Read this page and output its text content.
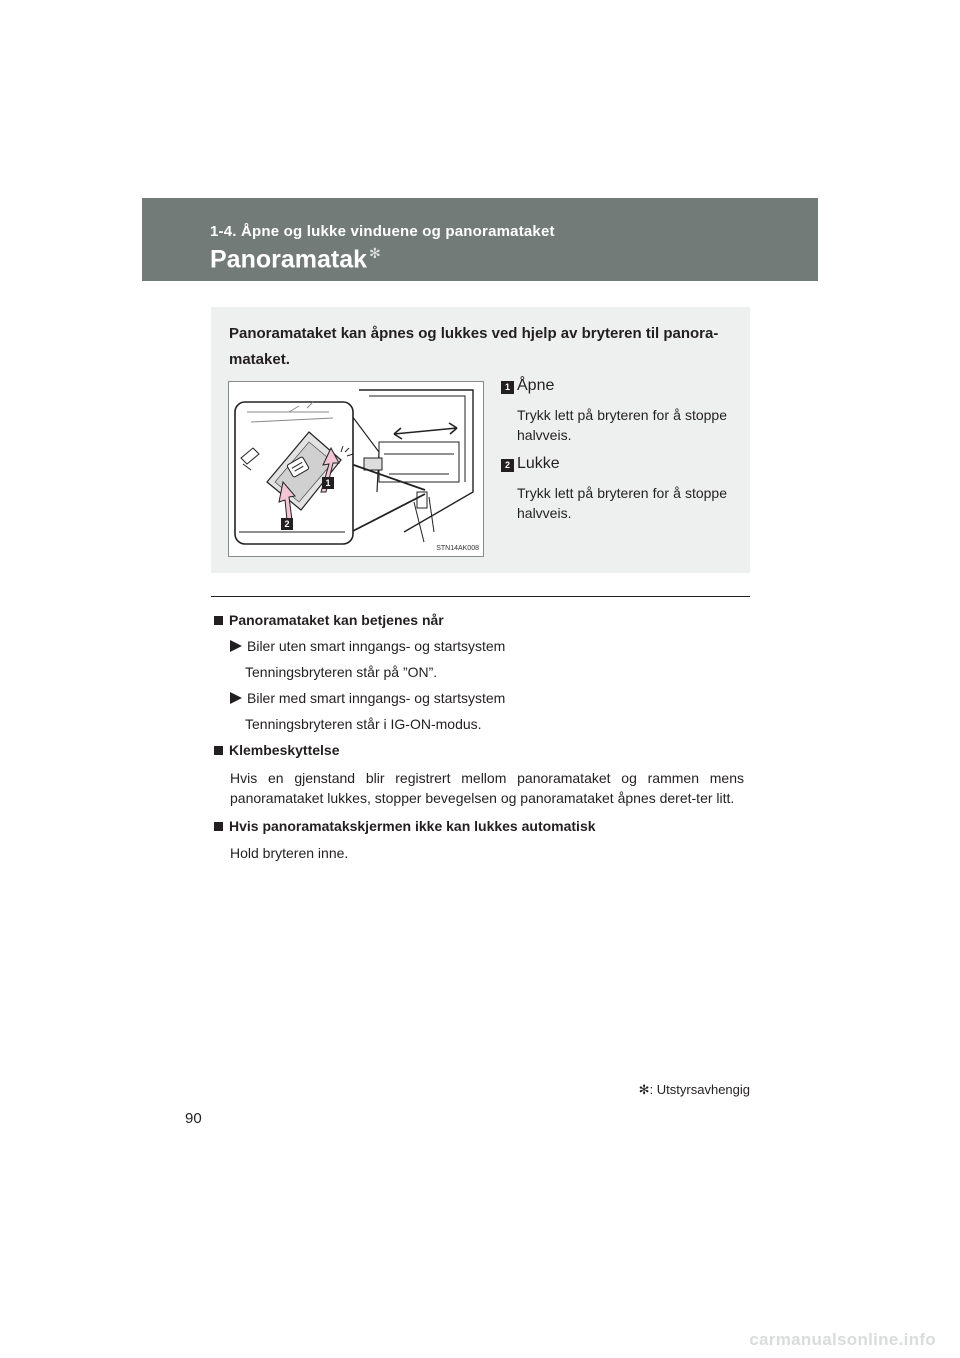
1-4. Åpne og lukke vinduene og panoramataket
Panoramatak ✻
Panoramataket kan åpnes og lukkes ved hjelp av bryteren til panora-mataket.
1
2
STN14AK008
1 Åpne
Trykk lett på bryteren for å stoppe halvveis.
2 Lukke
Trykk lett på bryteren for å stoppe halvveis.
Panoramataket kan betjenes når
Biler uten smart inngangs- og startsystem
Tenningsbryteren står på ”ON”.
Biler med smart inngangs- og startsystem
Tenningsbryteren står i IG-ON-modus.
Klembeskyttelse
Hvis en gjenstand blir registrert mellom panoramataket og rammen mens panoramataket lukkes, stopper bevegelsen og panoramataket åpnes deret-ter litt.
Hvis panoramatakskjermen ikke kan lukkes automatisk
Hold bryteren inne.
✻: Utstyrsavhengig
90
carmanualsonline.info
